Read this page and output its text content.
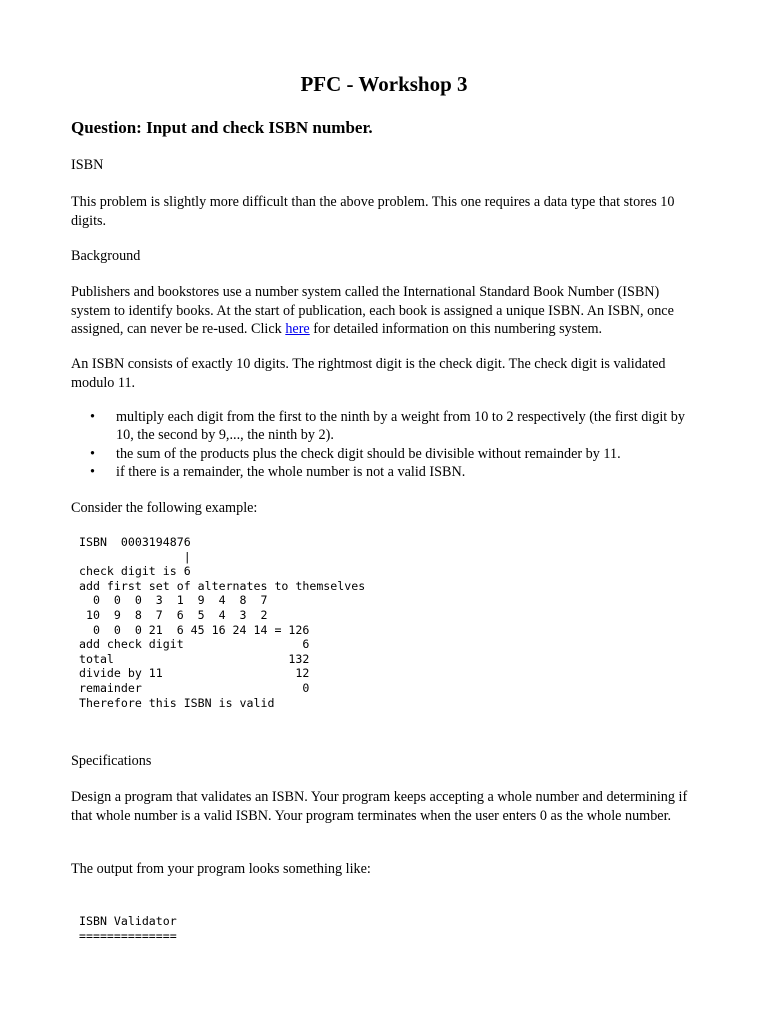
PFC - Workshop 3
Question: Input and check ISBN number.

ISBN

This problem is slightly more difficult than the above problem. This one requires a data type that stores 10 digits.

Background

Publishers and bookstores use a number system called the International Standard Book Number (ISBN) system to identify books. At the start of publication, each book is assigned a unique ISBN. An ISBN, once assigned, can never be re-used. Click here for detailed information on this numbering system.

An ISBN consists of exactly 10 digits. The rightmost digit is the check digit. The check digit is validated modulo 11.

• multiply each digit from the first to the ninth by a weight from 10 to 2 respectively (the first digit by 10, the second by 9,..., the ninth by 2).
• the sum of the products plus the check digit should be divisible without remainder by 11.
• if there is a remainder, the whole number is not a valid ISBN.

Consider the following example:

ISBN  0003194876
|
check digit is 6
add first set of alternates to themselves
0  0  0  3  1  9  4  8  7
10  9  8  7  6  5  4  3  2
0  0  0 21  6 45 16 24 14 = 126
add check digit                 6
total                         132
divide by 11                   12
remainder                       0
Therefore this ISBN is valid

Specifications

Design a program that validates an ISBN. Your program keeps accepting a whole number and determining if that whole number is a valid ISBN. Your program terminates when the user enters 0 as the whole number.

The output from your program looks something like:

ISBN Validator
==============
